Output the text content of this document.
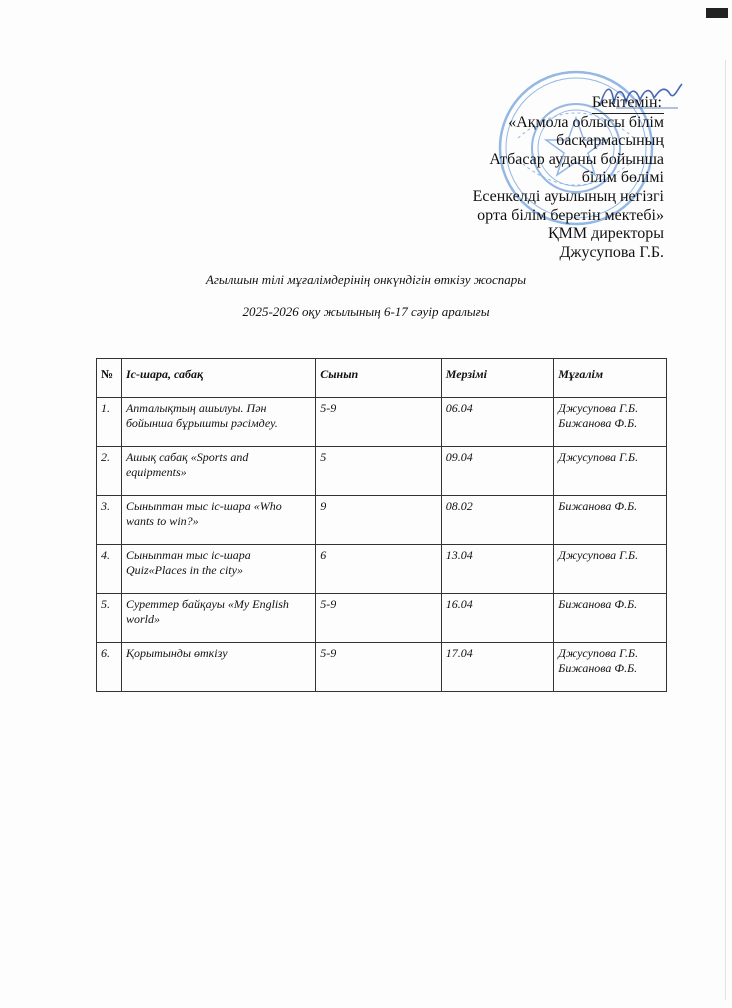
Бекітемін:
«Ақмола облысы білім
басқармасының
Атбасар ауданы бойынша
білім бөлімі
Есенкелді ауылының негізгі
орта білім беретін мектебі»
ҚММ директоры
Джусупова Г.Б.
Агылшын тілі мұғалімдерінің онкүндігін өткізу жоспары
2025-2026 оқу жылының 6-17 сәуір аралығы
№	Іс-шара, сабақ	Сынып	Мерзімі	Мұғалім
1.	Апталықтың ашылуы. Пән бойынша бұрышты рәсімдеу.	5-9	06.04	Джусупова Г.Б.
Бижанова Ф.Б.
2.	Ашық сабақ «Sports and equipments»	5	09.04	Джусупова Г.Б.
3.	Сыныптан тыс іс-шара «Who wants to win?»	9	08.02	Бижанова Ф.Б.
4.	Сыныптан тыс іс-шара Quiz«Places in the city»	6	13.04	Джусупова Г.Б.
5.	Суреттер байқауы «My English world»	5-9	16.04	Бижанова Ф.Б.
6.	Қорытынды өткізу	5-9	17.04	Джусупова Г.Б.
Бижанова Ф.Б.
